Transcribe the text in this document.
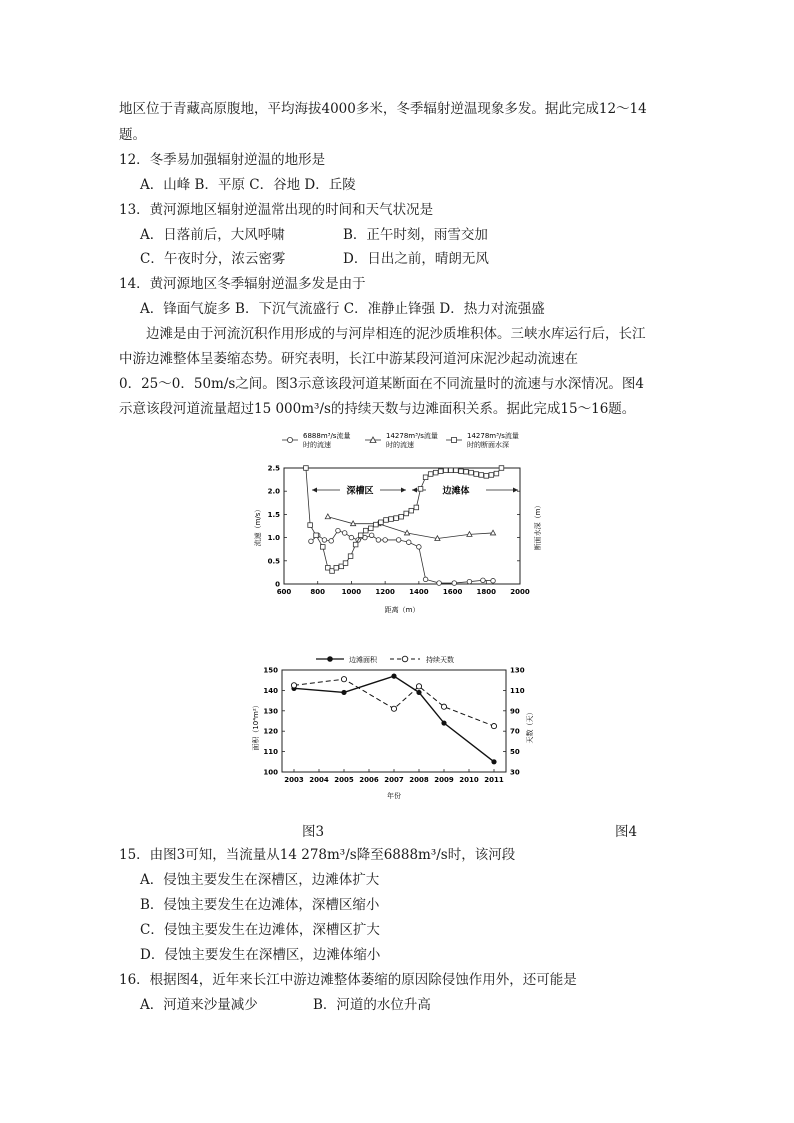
地区位于青藏高原腹地，平均海拔4000多米，冬季辐射逆温现象多发。据此完成12～14
题。
12．冬季易加强辐射逆温的地形是
A．山峰 B．平原 C．谷地 D．丘陵
13．黄河源地区辐射逆温常出现的时间和天气状况是
A．日落前后，大风呼啸	B．正午时刻，雨雪交加
C．午夜时分，浓云密雾	D．日出之前，晴朗无风
14．黄河源地区冬季辐射逆温多发是由于
A．锋面气旋多 B．下沉气流盛行 C．准静止锋强 D．热力对流强盛
边滩是由于河流沉积作用形成的与河岸相连的泥沙质堆积体。三峡水库运行后，长江
中游边滩整体呈萎缩态势。研究表明，长江中游某段河道河床泥沙起动流速在
0．25～0．50m/s之间。图3示意该段河道某断面在不同流量时的流速与水深情况。图4
示意该段河道流量超过15 000m³/s的持续天数与边滩面积关系。据此完成15～16题。
6888m³/s流量
时的流速
14278m³/s流量
时的流速
14278m³/s流量
时的断面水深
600	800 1000 1200 1400 1600 1800 2000
0
0.5
1.0
1.5
2.0
2.5
深槽区	边滩体
流速（m/s）	断面水深（m）
距离（m）
边滩面积	持续天数
2003 2004 2005 2006 2007 2008 2009 2010 2011
100
110
120
130
140
150
30
50
70
90
110
130
面积（10⁴m²）	天数（天）
年份
图3	图4
15．由图3可知，当流量从14 278m³/s降至6888m³/s时，该河段
A．侵蚀主要发生在深槽区，边滩体扩大
B．侵蚀主要发生在边滩体，深槽区缩小
C．侵蚀主要发生在边滩体，深槽区扩大
D．侵蚀主要发生在深槽区，边滩体缩小
16．根据图4，近年来长江中游边滩整体萎缩的原因除侵蚀作用外，还可能是
A．河道来沙量减少	B．河道的水位升高
